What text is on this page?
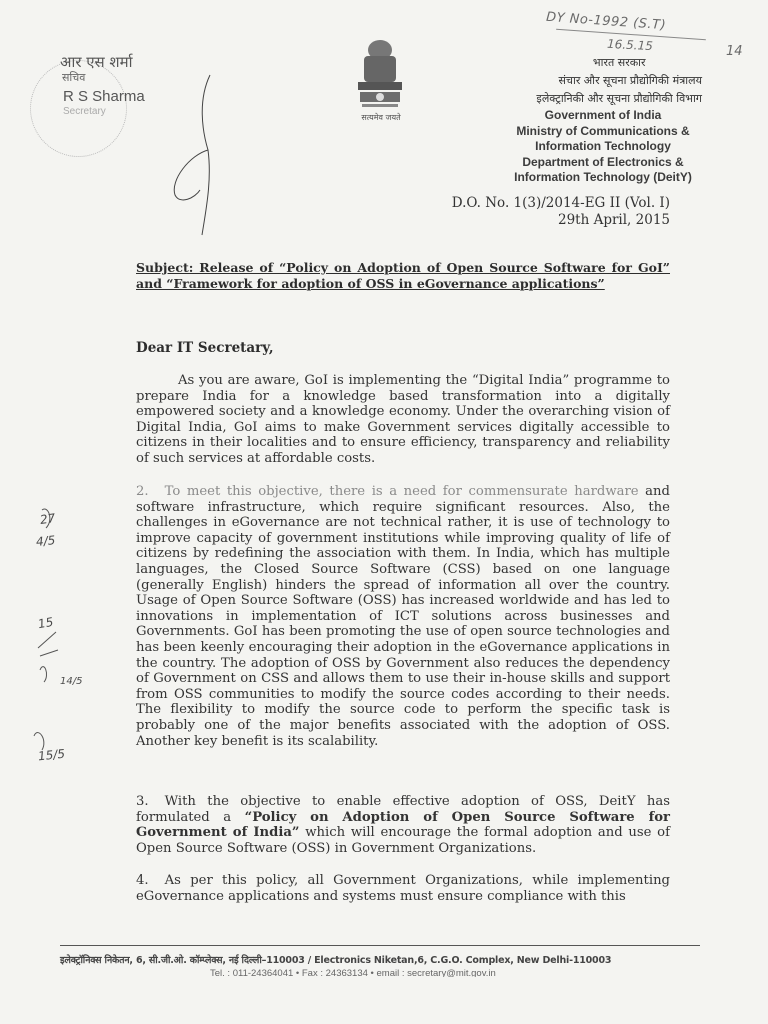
आर एस शर्मा
सचिव
R S Sharma
Secretary
सत्यमेव जयते
DY No-1992 (S.T)
16.5.15	14
भारत सरकार
संचार और सूचना प्रौद्योगिकी मंत्रालय
इलेक्ट्रानिकी और सूचना प्रौद्योगिकी विभाग
Government of India
Ministry of Communications &
Information Technology
Department of Electronics &
Information Technology (DeitY)
D.O. No. 1(3)/2014-EG II (Vol. I)
29th April, 2015
Subject: Release of “Policy on Adoption of Open Source Software for GoI” and “Framework for adoption of OSS in eGovernance applications”
Dear IT Secretary,
As you are aware, GoI is implementing the “Digital India” programme to prepare India for a knowledge based transformation into a digitally empowered society and a knowledge economy. Under the overarching vision of Digital India, GoI aims to make Government services digitally accessible to citizens in their localities and to ensure efficiency, transparency and reliability of such services at affordable costs.
2. To meet this objective, there is a need for commensurate hardware and software infrastructure, which require significant resources. Also, the challenges in eGovernance are not technical rather, it is use of technology to improve capacity of government institutions while improving quality of life of citizens by redefining the association with them. In India, which has multiple languages, the Closed Source Software (CSS) based on one language (generally English) hinders the spread of information all over the country. Usage of Open Source Software (OSS) has increased worldwide and has led to innovations in implementation of ICT solutions across businesses and Governments. GoI has been promoting the use of open source technologies and has been keenly encouraging their adoption in the eGovernance applications in the country. The adoption of OSS by Government also reduces the dependency of Government on CSS and allows them to use their in-house skills and support from OSS communities to modify the source codes according to their needs. The flexibility to modify the source code to perform the specific task is probably one of the major benefits associated with the adoption of OSS. Another key benefit is its scalability.
3. With the objective to enable effective adoption of OSS, DeitY has formulated a “Policy on Adoption of Open Source Software for Government of India” which will encourage the formal adoption and use of Open Source Software (OSS) in Government Organizations.
4. As per this policy, all Government Organizations, while implementing eGovernance applications and systems must ensure compliance with this
27
4/5
15
14/5
15/5
इलेक्ट्रॉनिक्स निकेतन, 6, सी.जी.ओ. कॉम्प्लेक्स, नई दिल्ली–110003 / Electronics Niketan,6, C.G.O. Complex, New Delhi-110003
Tel. : 011-24364041 • Fax : 24363134 • email : secretary@mit.gov.in
